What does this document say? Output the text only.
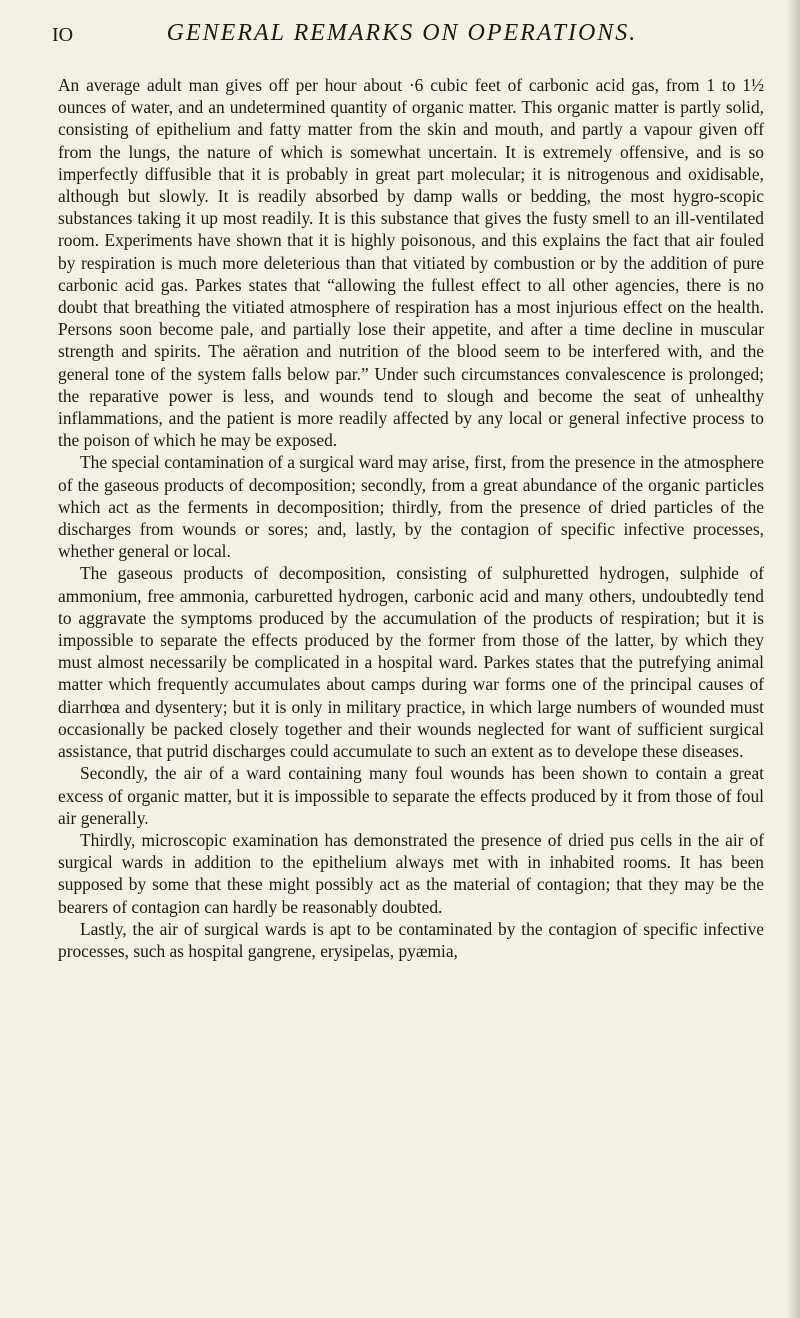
IO	GENERAL REMARKS ON OPERATIONS.

An average adult man gives off per hour about ·6 cubic feet of carbonic acid gas, from 1 to 1½ ounces of water, and an undetermined quantity of organic matter. This organic matter is partly solid, consisting of epithelium and fatty matter from the skin and mouth, and partly a vapour given off from the lungs, the nature of which is somewhat uncertain. It is extremely offensive, and is so imperfectly diffusible that it is probably in great part molecular; it is nitrogenous and oxidisable, although but slowly. It is readily absorbed by damp walls or bedding, the most hygro-scopic substances taking it up most readily. It is this substance that gives the fusty smell to an ill-ventilated room. Experiments have shown that it is highly poisonous, and this explains the fact that air fouled by respiration is much more deleterious than that vitiated by combustion or by the addition of pure carbonic acid gas. Parkes states that “allowing the fullest effect to all other agencies, there is no doubt that breathing the vitiated atmosphere of respiration has a most injurious effect on the health. Persons soon become pale, and partially lose their appetite, and after a time decline in muscular strength and spirits. The aëration and nutrition of the blood seem to be interfered with, and the general tone of the system falls below par.” Under such circumstances convalescence is prolonged; the reparative power is less, and wounds tend to slough and become the seat of unhealthy inflammations, and the patient is more readily affected by any local or general infective process to the poison of which he may be exposed.

The special contamination of a surgical ward may arise, first, from the presence in the atmosphere of the gaseous products of decomposition; secondly, from a great abundance of the organic particles which act as the ferments in decomposition; thirdly, from the presence of dried particles of the discharges from wounds or sores; and, lastly, by the contagion of specific infective processes, whether general or local.

The gaseous products of decomposition, consisting of sulphuretted hydrogen, sulphide of ammonium, free ammonia, carburetted hydrogen, carbonic acid and many others, undoubtedly tend to aggravate the symptoms produced by the accumulation of the products of respiration; but it is impossible to separate the effects produced by the former from those of the latter, by which they must almost necessarily be complicated in a hospital ward. Parkes states that the putrefying animal matter which frequently accumulates about camps during war forms one of the principal causes of diarrhœa and dysentery; but it is only in military practice, in which large numbers of wounded must occasionally be packed closely together and their wounds neglected for want of sufficient surgical assistance, that putrid discharges could accumulate to such an extent as to develope these diseases.

Secondly, the air of a ward containing many foul wounds has been shown to contain a great excess of organic matter, but it is impossible to separate the effects produced by it from those of foul air generally.

Thirdly, microscopic examination has demonstrated the presence of dried pus cells in the air of surgical wards in addition to the epithelium always met with in inhabited rooms. It has been supposed by some that these might possibly act as the material of contagion; that they may be the bearers of contagion can hardly be reasonably doubted.

Lastly, the air of surgical wards is apt to be contaminated by the contagion of specific infective processes, such as hospital gangrene, erysipelas, pyæmia,
